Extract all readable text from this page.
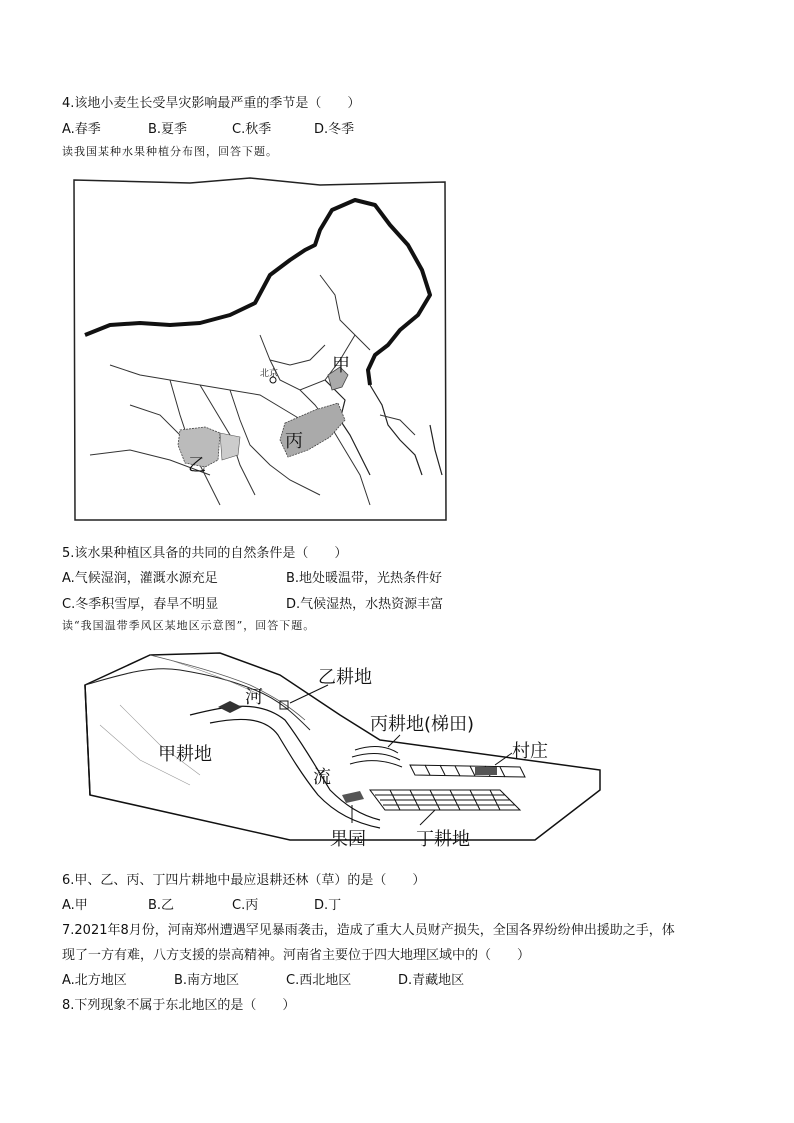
4.该地小麦生长受旱灾影响最严重的季节是（　　）
A.春季	B.夏季	C.秋季	D.冬季
读我国某种水果种植分布图，回答下题。
甲
北京
丙
乙
5.该水果种植区具备的共同的自然条件是（　　）
A.气候湿润，灌溉水源充足	B.地处暖温带，光热条件好
C.冬季积雪厚，春旱不明显	D.气候湿热，水热资源丰富
读“我国温带季风区某地区示意图”，回答下题。
乙耕地
河
甲耕地
丙耕地(梯田)
村庄
流
果园	丁耕地
6.甲、乙、丙、丁四片耕地中最应退耕还林（草）的是（　　）
A.甲	B.乙	C.丙	D.丁
7.2021年8月份，河南郑州遭遇罕见暴雨袭击，造成了重大人员财产损失，全国各界纷纷伸出援助之手，体
现了一方有难，八方支援的崇高精神。河南省主要位于四大地理区域中的（　　）
A.北方地区	B.南方地区	C.西北地区	D.青藏地区
8.下列现象不属于东北地区的是（　　）
